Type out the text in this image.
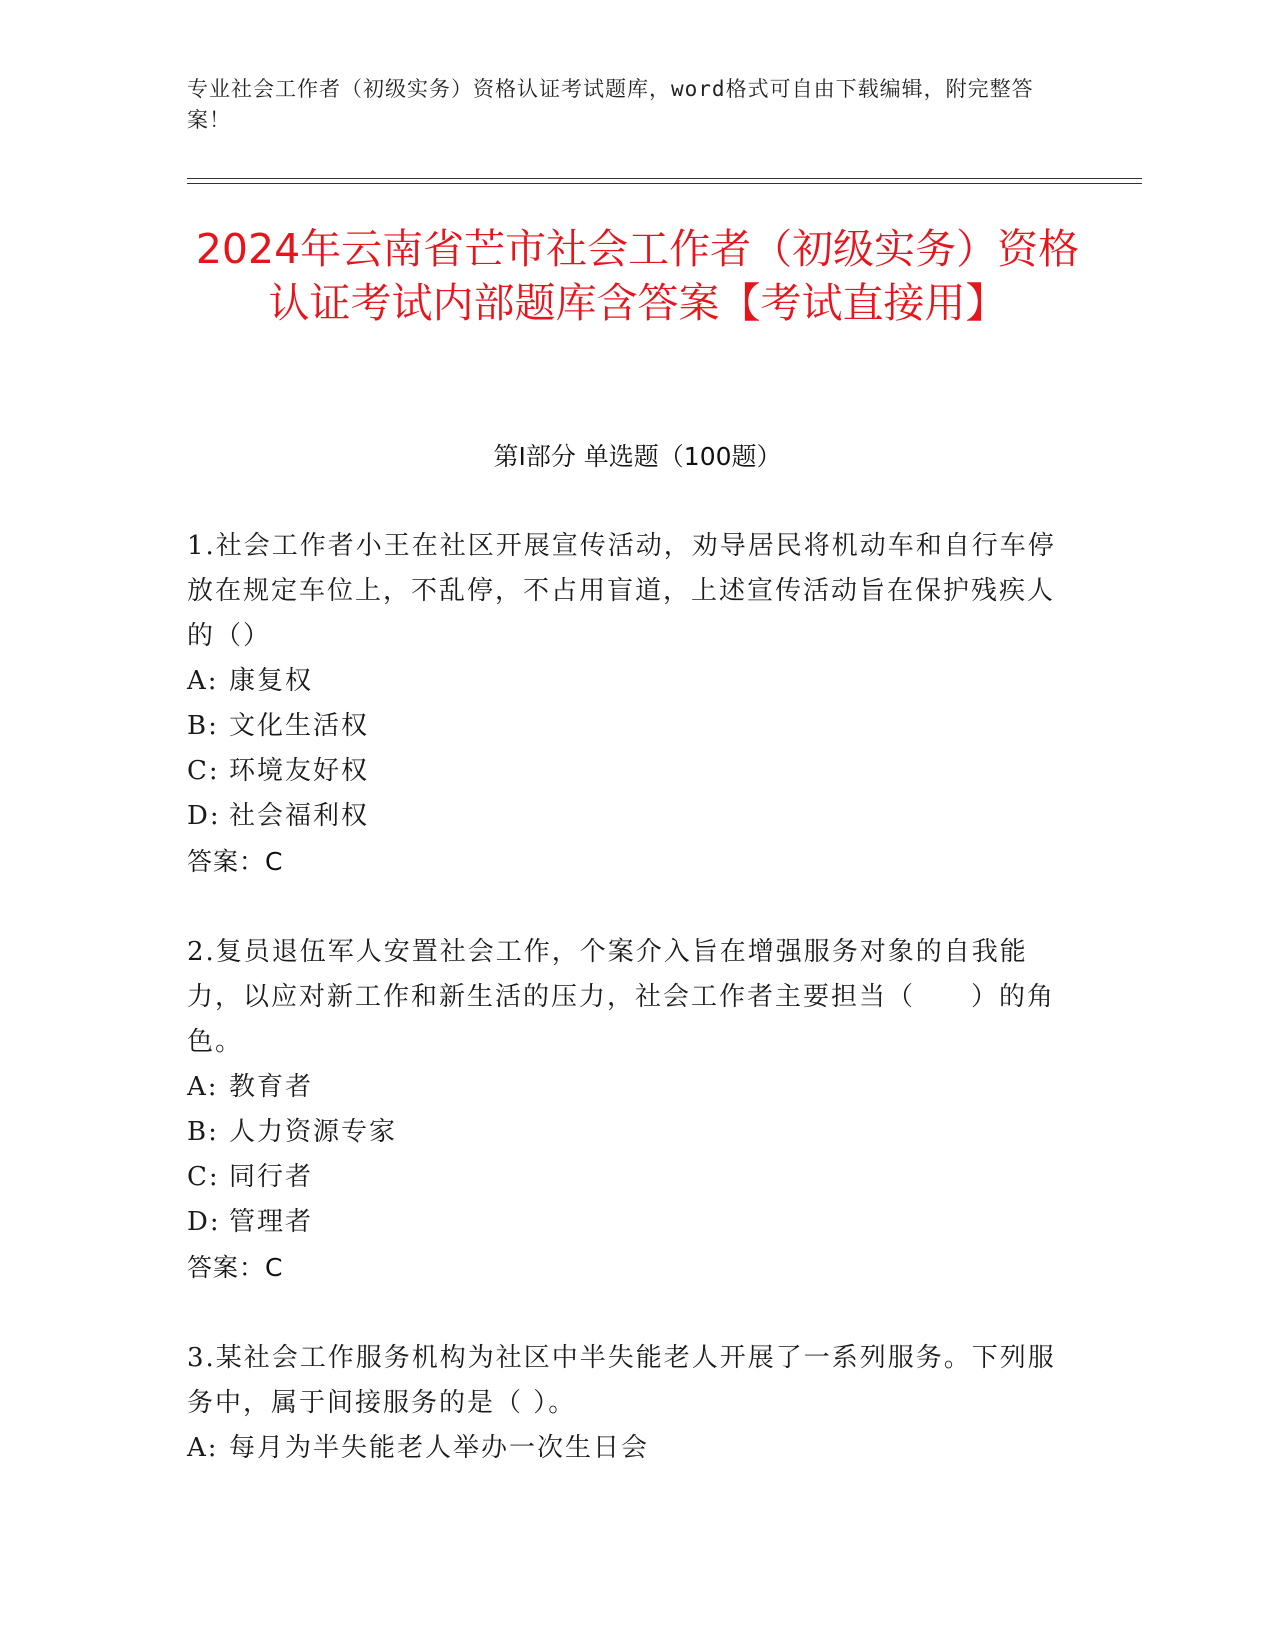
专业社会工作者（初级实务）资格认证考试题库，word格式可自由下载编辑，附完整答案！
2024年云南省芒市社会工作者（初级实务）资格认证考试内部题库含答案【考试直接用】
第I部分 单选题（100题）

1.社会工作者小王在社区开展宣传活动，劝导居民将机动车和自行车停放在规定车位上，不乱停，不占用盲道，上述宣传活动旨在保护残疾人的（）

A: 康复权
B: 文化生活权
C: 环境友好权
D: 社会福利权
答案：C

2.复员退伍军人安置社会工作，个案介入旨在增强服务对象的自我能力，以应对新工作和新生活的压力，社会工作者主要担当（　　）的角色。

A: 教育者
B: 人力资源专家
C: 同行者
D: 管理者
答案：C

3.某社会工作服务机构为社区中半失能老人开展了一系列服务。下列服务中，属于间接服务的是（ ）。

A: 每月为半失能老人举办一次生日会
